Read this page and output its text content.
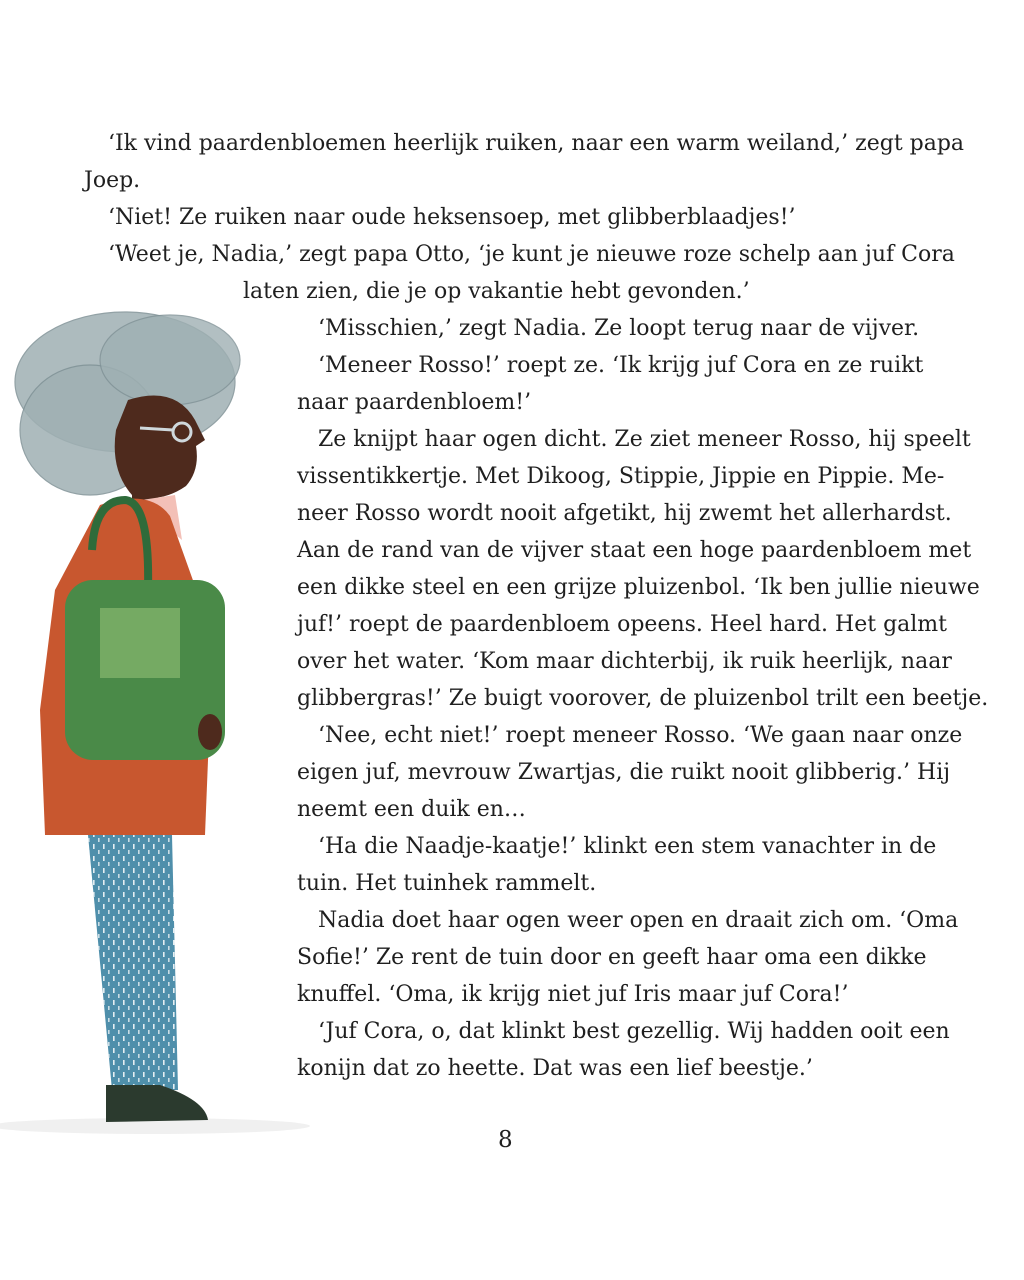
‘Ik vind paardenbloemen heerlijk ruiken, naar een warm weiland,’ zegt papa
Joep.
‘Niet! Ze ruiken naar oude heksensoep, met glibberblaadjes!’
‘Weet je, Nadia,’ zegt papa Otto, ‘je kunt je nieuwe roze schelp aan juf Cora
laten zien, die je op vakantie hebt gevonden.’
‘Misschien,’ zegt Nadia. Ze loopt terug naar de vijver.
‘Meneer Rosso!’ roept ze. ‘Ik krijg juf Cora en ze ruikt
naar paardenbloem!’
Ze knijpt haar ogen dicht. Ze ziet meneer Rosso, hij speelt
vissentikkertje. Met Dikoog, Stippie, Jippie en Pippie. Me-
neer Rosso wordt nooit afgetikt, hij zwemt het allerhardst.
Aan de rand van de vijver staat een hoge paardenbloem met
een dikke steel en een grijze pluizenbol. ‘Ik ben jullie nieuwe
juf!’ roept de paardenbloem opeens. Heel hard. Het galmt
over het water. ‘Kom maar dichterbij, ik ruik heerlijk, naar
glibbergras!’ Ze buigt voorover, de pluizenbol trilt een beetje.
‘Nee, echt niet!’ roept meneer Rosso. ‘We gaan naar onze
eigen juf, mevrouw Zwartjas, die ruikt nooit glibberig.’ Hij
neemt een duik en…
‘Ha die Naadje-kaatje!’ klinkt een stem vanachter in de
tuin. Het tuinhek rammelt.
Nadia doet haar ogen weer open en draait zich om. ‘Oma
Sofie!’ Ze rent de tuin door en geeft haar oma een dikke
knuffel. ‘Oma, ik krijg niet juf Iris maar juf Cora!’
‘Juf Cora, o, dat klinkt best gezellig. Wij hadden ooit een
konijn dat zo heette. Dat was een lief beestje.’
8
